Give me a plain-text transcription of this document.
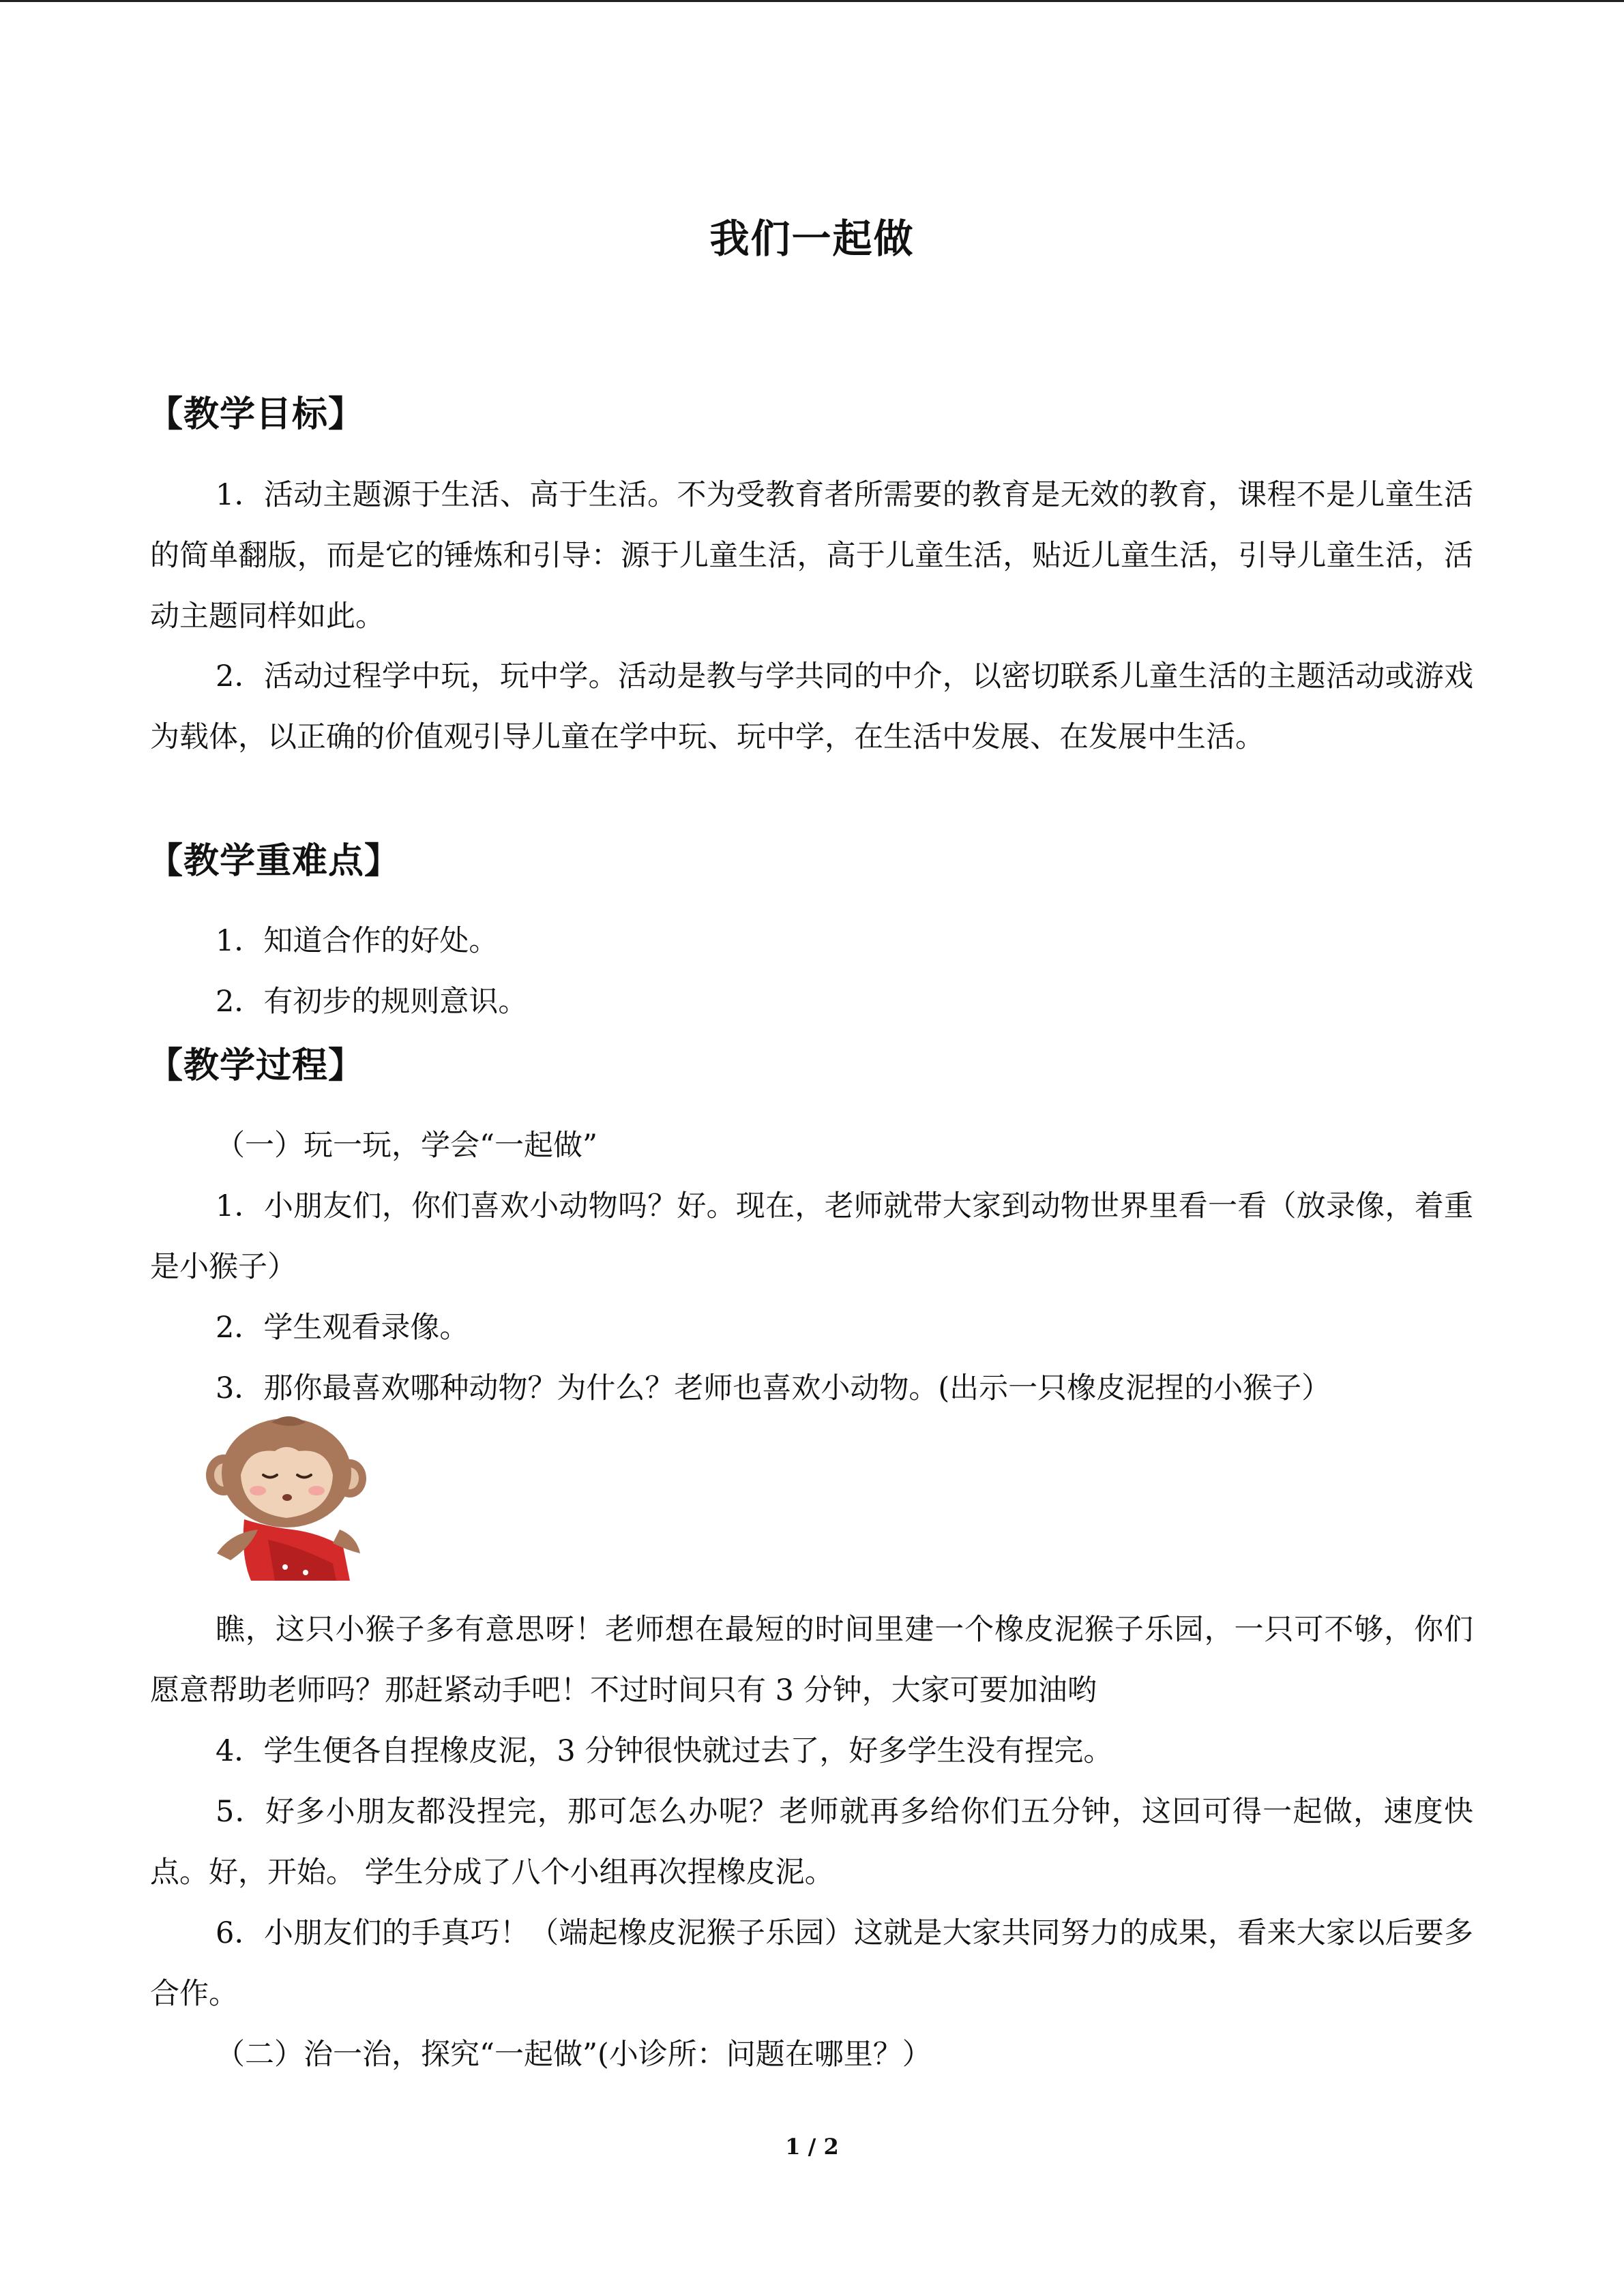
我们一起做
【教学目标】

1．活动主题源于生活、高于生活。不为受教育者所需要的教育是无效的教育，课程不是儿童生活的简单翻版，而是它的锤炼和引导：源于儿童生活，高于儿童生活，贴近儿童生活，引导儿童生活，活动主题同样如此。

2．活动过程学中玩，玩中学。活动是教与学共同的中介，以密切联系儿童生活的主题活动或游戏为载体，以正确的价值观引导儿童在学中玩、玩中学，在生活中发展、在发展中生活。

【教学重难点】

1．知道合作的好处。

2．有初步的规则意识。

【教学过程】

（一）玩一玩，学会“一起做”

1．小朋友们，你们喜欢小动物吗？好。现在，老师就带大家到动物世界里看一看（放录像，着重是小猴子）

2．学生观看录像。

3．那你最喜欢哪种动物？为什么？老师也喜欢小动物。(出示一只橡皮泥捏的小猴子）

瞧，这只小猴子多有意思呀！老师想在最短的时间里建一个橡皮泥猴子乐园，一只可不够，你们愿意帮助老师吗？那赶紧动手吧！不过时间只有 3 分钟，大家可要加油哟

4．学生便各自捏橡皮泥，3 分钟很快就过去了，好多学生没有捏完。

5．好多小朋友都没捏完，那可怎么办呢？老师就再多给你们五分钟，这回可得一起做，速度快点。好，开始。 学生分成了八个小组再次捏橡皮泥。

6．小朋友们的手真巧！（端起橡皮泥猴子乐园）这就是大家共同努力的成果，看来大家以后要多合作。

（二）治一治，探究“一起做”(小诊所：问题在哪里？）

1 / 2
